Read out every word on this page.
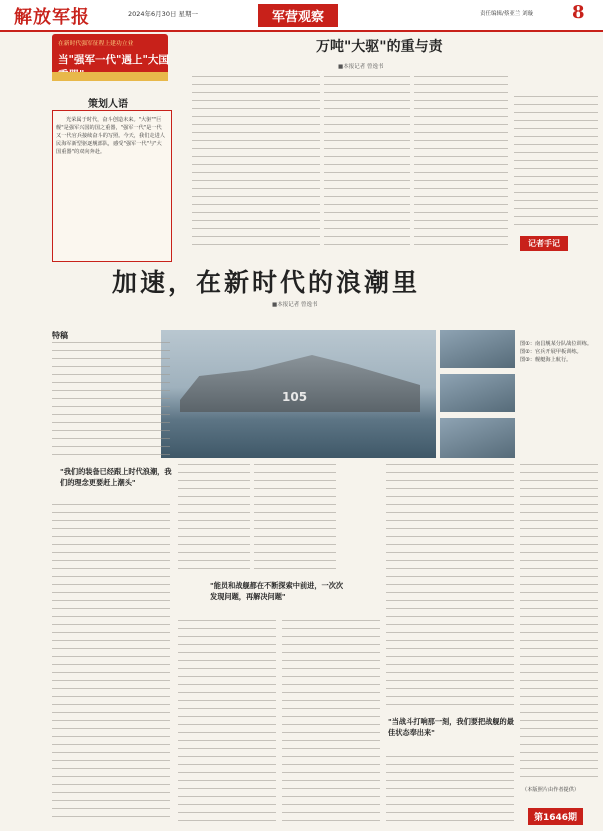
解放军报	2024年6月30日 星期一	军营观察	责任编辑/蔡亚兰 刘璇 8
在新时代强军征程上建功立业
当"强军一代"遇上"大国
策划人语
光荣属于时代，奋斗创造未来。"大驱""巨舰"是强军兴国的国之重器，"强军一代"是一代又一代官兵接续奋斗的写照。今天，我们走进人民海军新型驱逐舰部队，感受"强军一代"与"大国重器"的双向奔赴。
万吨"大驱"的重与责
■本报记者 曾逸书
记者手记
加速，在新时代的浪潮里
■本报记者 曾逸书
105
图①：南昌舰某分队战位训练。
图②：官兵开展甲板训练。
图③：舰艇海上航行。
特稿
"我们的装备已经跟上时代浪潮，我们的理念更要赶上潮头"
"能员和战舰都在不断探索中前进，一次次发现问题，再解决问题"
"当战斗打响那一刻，我们要把战舰的最佳状态奉出来"
（本版照片由作者提供）
第1646期
